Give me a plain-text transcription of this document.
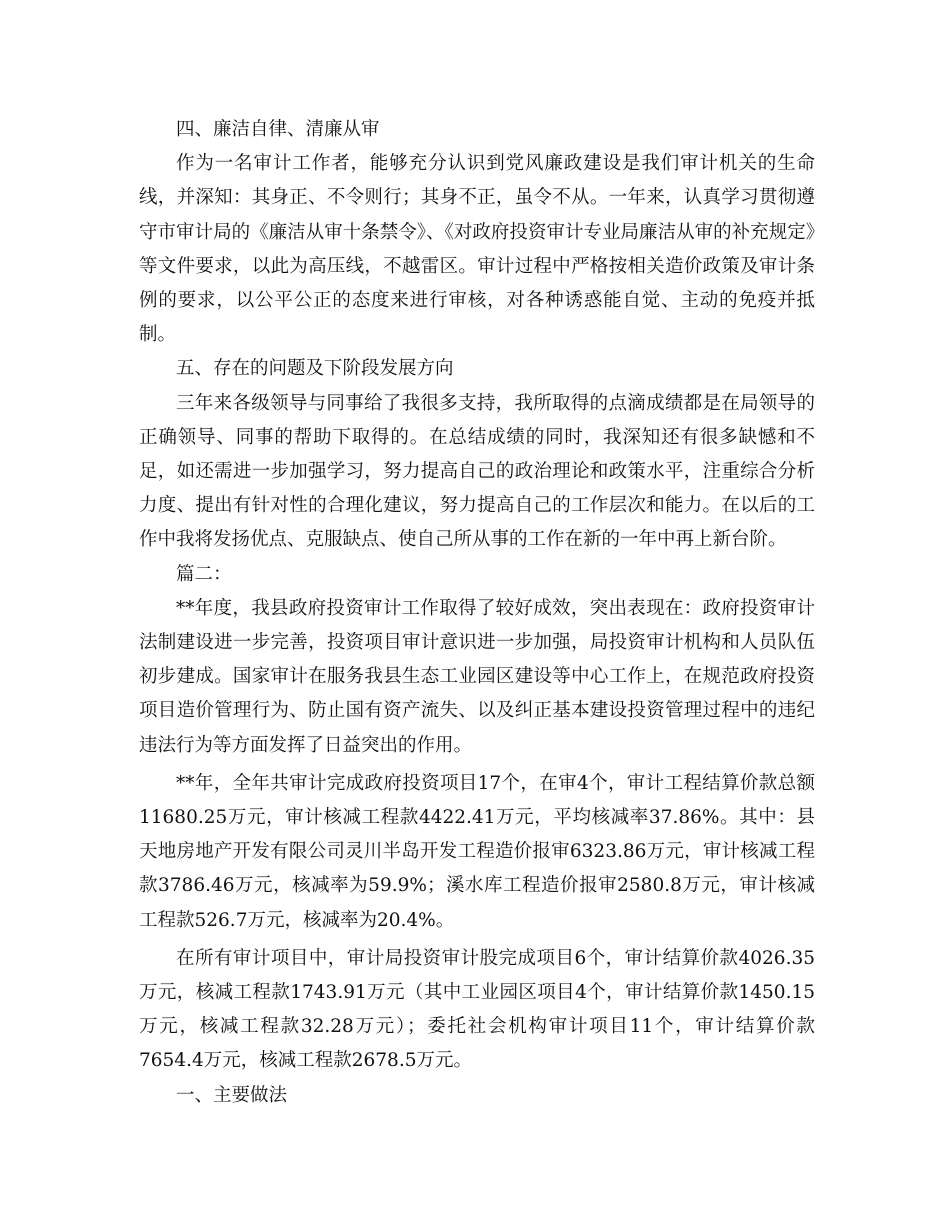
四、廉洁自律、清廉从审

作为一名审计工作者，能够充分认识到党风廉政建设是我们审计机关的生命线，并深知：其身正、不令则行；其身不正，虽令不从。一年来，认真学习贯彻遵守市审计局的《廉洁从审十条禁令》、《对政府投资审计专业局廉洁从审的补充规定》等文件要求，以此为高压线，不越雷区。审计过程中严格按相关造价政策及审计条例的要求，以公平公正的态度来进行审核，对各种诱惑能自觉、主动的免疫并抵制。

五、存在的问题及下阶段发展方向

三年来各级领导与同事给了我很多支持，我所取得的点滴成绩都是在局领导的正确领导、同事的帮助下取得的。在总结成绩的同时，我深知还有很多缺憾和不足，如还需进一步加强学习，努力提高自己的政治理论和政策水平，注重综合分析力度、提出有针对性的合理化建议，努力提高自己的工作层次和能力。在以后的工作中我将发扬优点、克服缺点、使自己所从事的工作在新的一年中再上新台阶。

篇二：

**年度，我县政府投资审计工作取得了较好成效，突出表现在：政府投资审计法制建设进一步完善，投资项目审计意识进一步加强，局投资审计机构和人员队伍初步建成。国家审计在服务我县生态工业园区建设等中心工作上，在规范政府投资项目造价管理行为、防止国有资产流失、以及纠正基本建设投资管理过程中的违纪违法行为等方面发挥了日益突出的作用。

**年，全年共审计完成政府投资项目17个，在审4个，审计工程结算价款总额11680.25万元，审计核减工程款4422.41万元，平均核减率37.86%。其中：县天地房地产开发有限公司灵川半岛开发工程造价报审6323.86万元，审计核减工程款3786.46万元，核减率为59.9%；溪水库工程造价报审2580.8万元，审计核减工程款526.7万元，核减率为20.4%。

在所有审计项目中，审计局投资审计股完成项目6个，审计结算价款4026.35万元，核减工程款1743.91万元（其中工业园区项目4个，审计结算价款1450.15万元，核减工程款32.28万元）；委托社会机构审计项目11个，审计结算价款7654.4万元，核减工程款2678.5万元。

一、主要做法
